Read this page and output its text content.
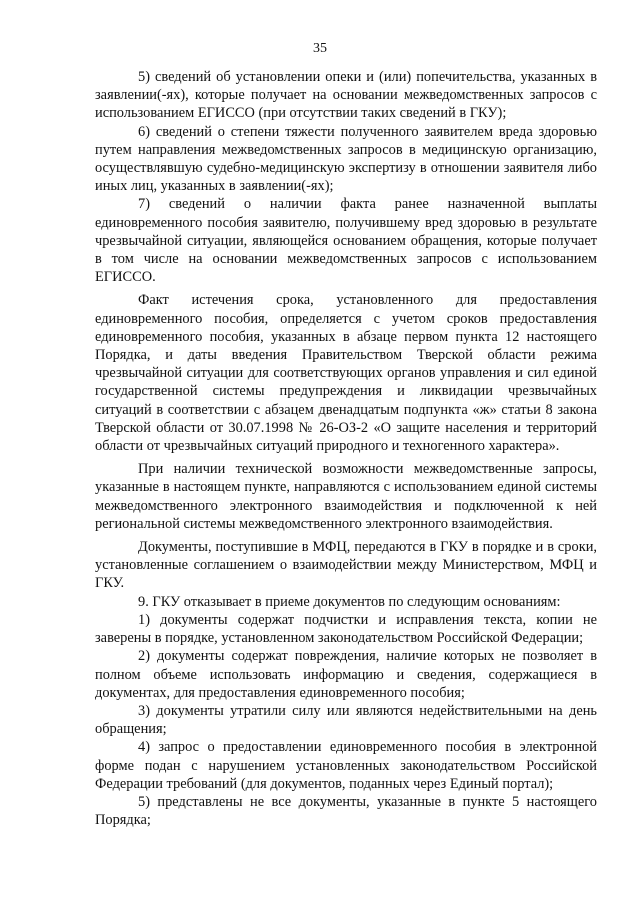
35

5) сведений об установлении опеки и (или) попечительства, указанных в заявлении(-ях), которые получает на основании межведомственных запросов с использованием ЕГИССО (при отсутствии таких сведений в ГКУ);

6) сведений о степени тяжести полученного заявителем вреда здоровью путем направления межведомственных запросов в медицинскую организацию, осуществлявшую судебно-медицинскую экспертизу в отношении заявителя либо иных лиц, указанных в заявлении(-ях);

7) сведений о наличии факта ранее назначенной выплаты единовременного пособия заявителю, получившему вред здоровью в результате чрезвычайной ситуации, являющейся основанием обращения, которые получает в том числе на основании межведомственных запросов с использованием ЕГИССО.

Факт истечения срока, установленного для предоставления единовременного пособия, определяется с учетом сроков предоставления единовременного пособия, указанных в абзаце первом пункта 12 настоящего Порядка, и даты введения Правительством Тверской области режима чрезвычайной ситуации для соответствующих органов управления и сил единой государственной системы предупреждения и ликвидации чрезвычайных ситуаций в соответствии с абзацем двенадцатым подпункта «ж» статьи 8 закона Тверской области от 30.07.1998 № 26-ОЗ-2 «О защите населения и территорий области от чрезвычайных ситуаций природного и техногенного характера».

При наличии технической возможности межведомственные запросы, указанные в настоящем пункте, направляются с использованием единой системы межведомственного электронного взаимодействия и подключенной к ней региональной системы межведомственного электронного взаимодействия.

Документы, поступившие в МФЦ, передаются в ГКУ в порядке и в сроки, установленные соглашением о взаимодействии между Министерством, МФЦ и ГКУ.

9. ГКУ отказывает в приеме документов по следующим основаниям:

1) документы содержат подчистки и исправления текста, копии не заверены в порядке, установленном законодательством Российской Федерации;

2) документы содержат повреждения, наличие которых не позволяет в полном объеме использовать информацию и сведения, содержащиеся в документах, для предоставления единовременного пособия;

3) документы утратили силу или являются недействительными на день обращения;

4) запрос о предоставлении единовременного пособия в электронной форме подан с нарушением установленных законодательством Российской Федерации требований (для документов, поданных через Единый портал);

5) представлены не все документы, указанные в пункте 5 настоящего Порядка;
